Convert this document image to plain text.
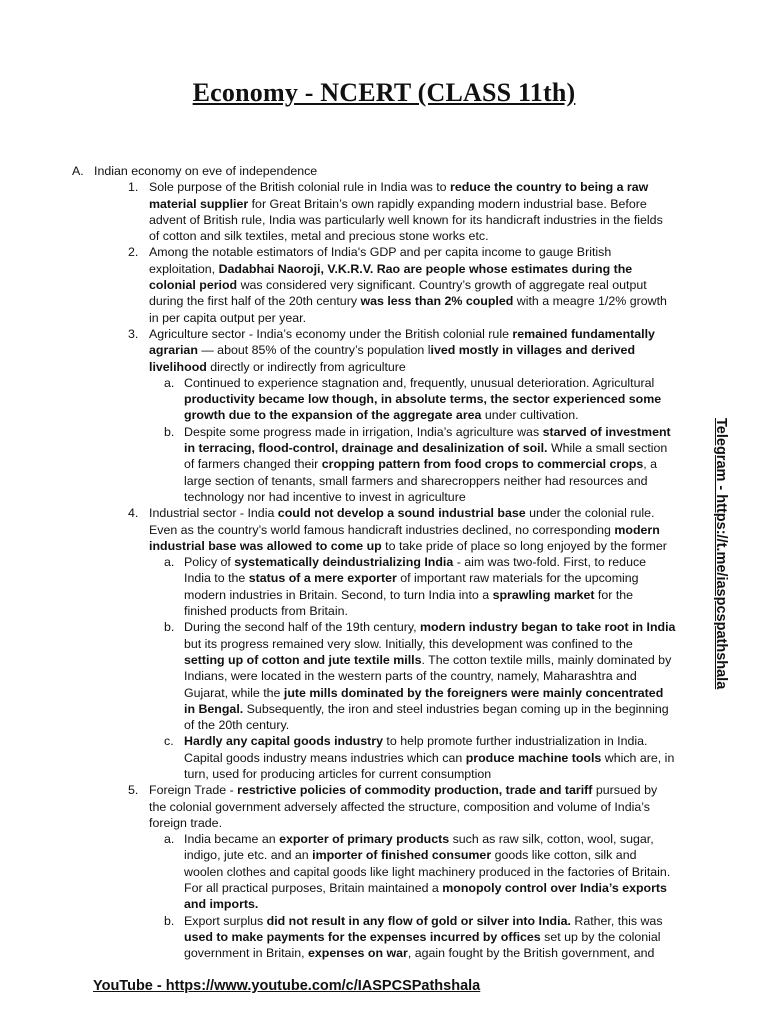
Economy - NCERT (CLASS 11th)
A. Indian economy on eve of independence
1. Sole purpose of the British colonial rule in India was to reduce the country to being a raw material supplier for Great Britain’s own rapidly expanding modern industrial base. Before advent of British rule, India was particularly well known for its handicraft industries in the fields of cotton and silk textiles, metal and precious stone works etc.
2. Among the notable estimators of India's GDP and per capita income to gauge British exploitation, Dadabhai Naoroji, V.K.R.V. Rao are people whose estimates during the colonial period was considered very significant. Country’s growth of aggregate real output during the first half of the 20th century was less than 2% coupled with a meagre 1/2% growth in per capita output per year.
3. Agriculture sector - India’s economy under the British colonial rule remained fundamentally agrarian — about 85% of the country’s population lived mostly in villages and derived livelihood directly or indirectly from agriculture
a. Continued to experience stagnation and, frequently, unusual deterioration. Agricultural productivity became low though, in absolute terms, the sector experienced some growth due to the expansion of the aggregate area under cultivation.
b. Despite some progress made in irrigation, India’s agriculture was starved of investment in terracing, flood-control, drainage and desalinization of soil. While a small section of farmers changed their cropping pattern from food crops to commercial crops, a large section of tenants, small farmers and sharecroppers neither had resources and technology nor had incentive to invest in agriculture
4. Industrial sector - India could not develop a sound industrial base under the colonial rule. Even as the country’s world famous handicraft industries declined, no corresponding modern industrial base was allowed to come up to take pride of place so long enjoyed by the former
a. Policy of systematically deindustrializing India - aim was two-fold. First, to reduce India to the status of a mere exporter of important raw materials for the upcoming modern industries in Britain. Second, to turn India into a sprawling market for the finished products from Britain.
b. During the second half of the 19th century, modern industry began to take root in India but its progress remained very slow. Initially, this development was confined to the setting up of cotton and jute textile mills. The cotton textile mills, mainly dominated by Indians, were located in the western parts of the country, namely, Maharashtra and Gujarat, while the jute mills dominated by the foreigners were mainly concentrated in Bengal. Subsequently, the iron and steel industries began coming up in the beginning of the 20th century.
c. Hardly any capital goods industry to help promote further industrialization in India. Capital goods industry means industries which can produce machine tools which are, in turn, used for producing articles for current consumption
5. Foreign Trade - restrictive policies of commodity production, trade and tariff pursued by the colonial government adversely affected the structure, composition and volume of India’s foreign trade.
a. India became an exporter of primary products such as raw silk, cotton, wool, sugar, indigo, jute etc. and an importer of finished consumer goods like cotton, silk and woolen clothes and capital goods like light machinery produced in the factories of Britain. For all practical purposes, Britain maintained a monopoly control over India’s exports and imports.
b. Export surplus did not result in any flow of gold or silver into India. Rather, this was used to make payments for the expenses incurred by offices set up by the colonial government in Britain, expenses on war, again fought by the British government, and
Telegram - https://t.me/iaspcspathshala
YouTube - https://www.youtube.com/c/IASPCSPathshala
